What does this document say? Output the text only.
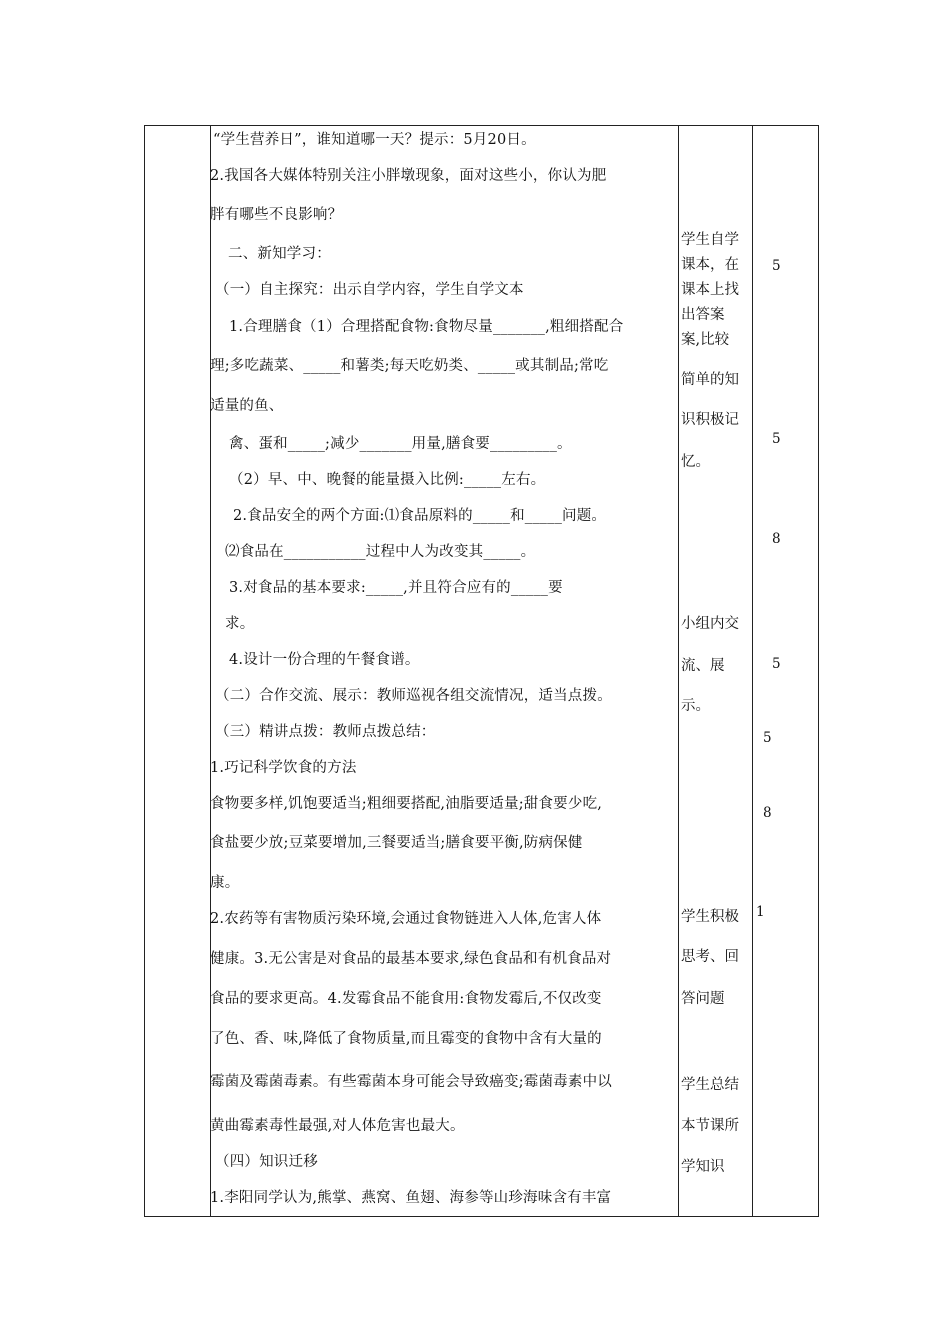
“学生营养日”，谁知道哪一天？提示：5月20日。
2.我国各大媒体特别关注小胖墩现象，面对这些小，你认为肥
胖有哪些不良影响？
二、新知学习：
（一）自主探究：出示自学内容，学生自学文本
1.合理膳食（1）合理搭配食物:食物尽量_______,粗细搭配合
理;多吃蔬菜、_____和薯类;每天吃奶类、_____或其制品;常吃
适量的鱼、
禽、蛋和_____;减少_______用量,膳食要_________。
（2）早、中、晚餐的能量摄入比例:_____左右。
2.食品安全的两个方面:⑴食品原料的_____和_____问题。
⑵食品在___________过程中人为改变其_____。
3.对食品的基本要求:_____,并且符合应有的_____要
求。
4.设计一份合理的午餐食谱。
（二）合作交流、展示：教师巡视各组交流情况，适当点拨。
（三）精讲点拨：教师点拨总结：
1.巧记科学饮食的方法
食物要多样,饥饱要适当;粗细要搭配,油脂要适量;甜食要少吃,
食盐要少放;豆菜要增加,三餐要适当;膳食要平衡,防病保健
康。
2.农药等有害物质污染环境,会通过食物链进入人体,危害人体
健康。3.无公害是对食品的最基本要求,绿色食品和有机食品对
食品的要求更高。4.发霉食品不能食用:食物发霉后,不仅改变
了色、香、味,降低了食物质量,而且霉变的食物中含有大量的
霉菌及霉菌毒素。有些霉菌本身可能会导致癌变;霉菌毒素中以
黄曲霉素毒性最强,对人体危害也最大。
（四）知识迁移
1.李阳同学认为,熊掌、燕窝、鱼翅、海参等山珍海味含有丰富
学生自学
课本，在
课本上找
出答案
案,比较
简单的知
识积极记
忆。
小组内交
流、展
示。
学生积极
思考、回
答问题
学生总结
本节课所
学知识
5
5
8
5
5
8
1
